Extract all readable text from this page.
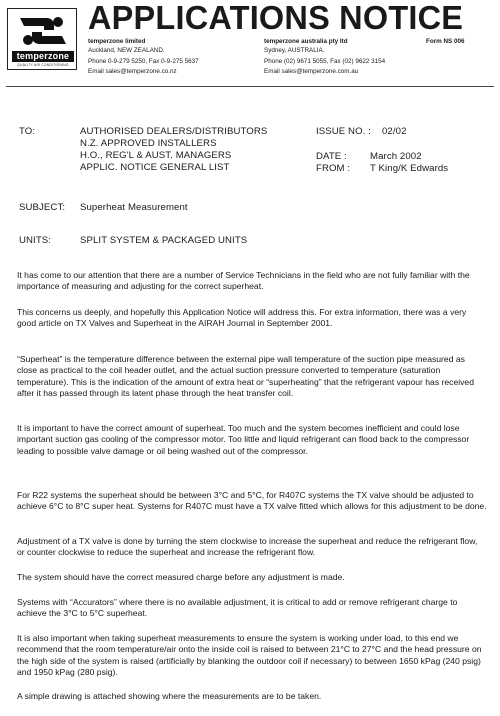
temperzone
QUALITY AIR CONDITIONING
APPLICATIONS NOTICE
temperzone limited
Auckland, NEW ZEALAND.
Phone 0-9-279 5250, Fax 0-9-275 5637
Email sales@temperzone.co.nz
temperzone australia pty ltd
Sydney, AUSTRALIA.
Phone (02) 9671 5055, Fax (02) 9622 3154
Email sales@temperzone.com.au
Form NS 006
TO:	AUTHORISED DEALERS/DISTRIBUTORS
N.Z. APPROVED INSTALLERS
H.O., REG'L & AUST. MANAGERS
APPLIC. NOTICE GENERAL LIST
ISSUE NO. : 02/02
DATE : March 2002
FROM : T King/K Edwards
SUBJECT: Superheat Measurement
UNITS:	SPLIT SYSTEM & PACKAGED UNITS

It has come to our attention that there are a number of Service Technicians in the field who are not fully familiar with the importance of measuring and adjusting for the correct superheat.

This concerns us deeply, and hopefully this Application Notice will address this. For extra information, there was a very good article on TX Valves and Superheat in the AIRAH Journal in September 2001.

“Superheat” is the temperature difference between the external pipe wall temperature of the suction pipe measured as close as practical to the coil header outlet, and the actual suction pressure converted to temperature (saturation temperature). This is the indication of the amount of extra heat or “superheating” that the refrigerant vapour has received after it has passed through its latent phase through the heat transfer coil.

It is important to have the correct amount of superheat. Too much and the system becomes inefficient and could lose important suction gas cooling of the compressor motor. Too little and liquid refrigerant can flood back to the compressor leading to possible valve damage or oil being washed out of the compressor.

For R22 systems the superheat should be between 3°C and 5°C, for R407C systems the TX valve should be adjusted to achieve 6°C to 8°C super heat. Systems for R407C must have a TX valve fitted which allows for this adjustment to be done.

Adjustment of a TX valve is done by turning the stem clockwise to increase the superheat and reduce the refrigerant flow, or counter clockwise to reduce the superheat and increase the refrigerant flow.

The system should have the correct measured charge before any adjustment is made.

Systems with “Accurators” where there is no available adjustment, it is critical to add or remove refrigerant charge to achieve the 3°C to 5°C superheat.

It is also important when taking superheat measurements to ensure the system is working under load, to this end we recommend that the room temperature/air onto the inside coil is raised to between 21°C to 27°C and the head pressure on the high side of the system is raised (artificially by blanking the outdoor coil if necessary) to between 1650 kPag (240 psig) and 1950 kPag (280 psig).

A simple drawing is attached showing where the measurements are to be taken.
